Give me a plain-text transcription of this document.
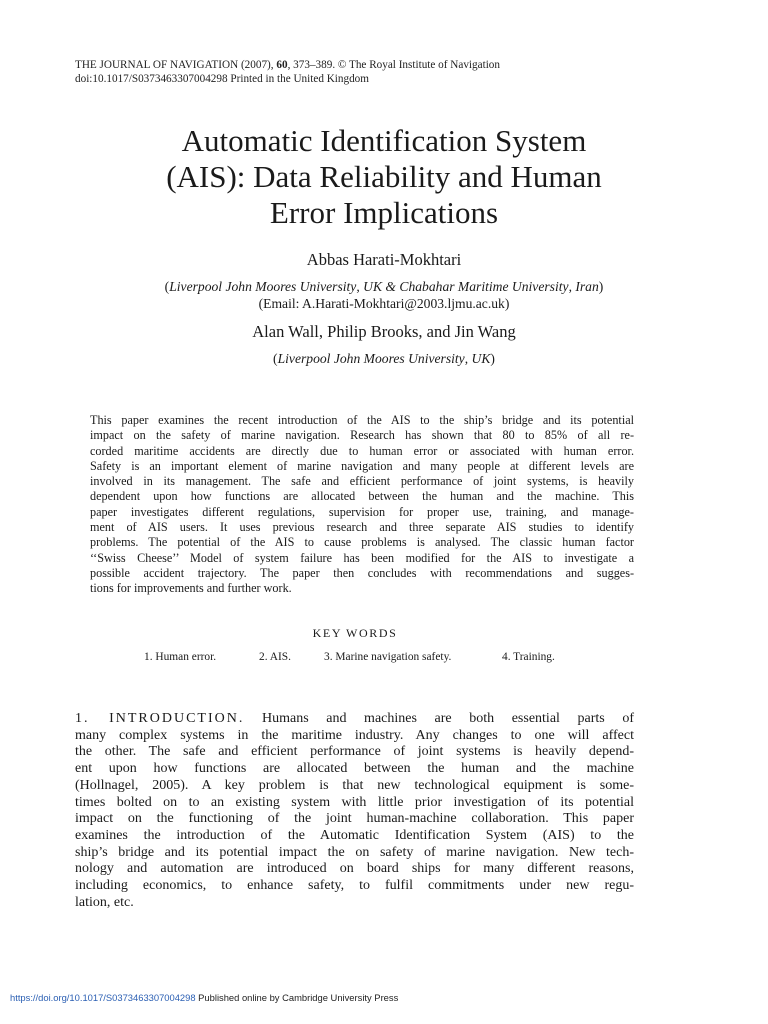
THE JOURNAL OF NAVIGATION (2007), 60, 373–389. © The Royal Institute of Navigation
doi:10.1017/S0373463307004298 Printed in the United Kingdom
Automatic Identification System
(AIS): Data Reliability and Human
Error Implications

Abbas Harati-Mokhtari

(Liverpool John Moores University, UK & Chabahar Maritime University, Iran)

(Email: A.Harati-Mokhtari@2003.ljmu.ac.uk)

Alan Wall, Philip Brooks, and Jin Wang

(Liverpool John Moores University, UK)

This paper examines the recent introduction of the AIS to the ship’s bridge and its potential

impact on the safety of marine navigation. Research has shown that 80 to 85% of all re-

corded maritime accidents are directly due to human error or associated with human error.

Safety is an important element of marine navigation and many people at different levels are

involved in its management. The safe and efficient performance of joint systems, is heavily

dependent upon how functions are allocated between the human and the machine. This

paper investigates different regulations, supervision for proper use, training, and manage-

ment of AIS users. It uses previous research and three separate AIS studies to identify

problems. The potential of the AIS to cause problems is analysed. The classic human factor

‘‘Swiss Cheese’’ Model of system failure has been modified for the AIS to investigate a

possible accident trajectory. The paper then concludes with recommendations and sugges-

tions for improvements and further work.

KEY WORDS
1. Human error.	2. AIS.	3. Marine navigation safety.	4. Training.

1. INTRODUCTION. Humans and machines are both essential parts of

many complex systems in the maritime industry. Any changes to one will affect

the other. The safe and efficient performance of joint systems is heavily depend-

ent upon how functions are allocated between the human and the machine

(Hollnagel, 2005). A key problem is that new technological equipment is some-

times bolted on to an existing system with little prior investigation of its potential

impact on the functioning of the joint human-machine collaboration. This paper

examines the introduction of the Automatic Identification System (AIS) to the

ship’s bridge and its potential impact the on safety of marine navigation. New tech-

nology and automation are introduced on board ships for many different reasons,

including economics, to enhance safety, to fulfil commitments under new regu-

lation, etc.

https://doi.org/10.1017/S0373463307004298 Published online by Cambridge University Press
